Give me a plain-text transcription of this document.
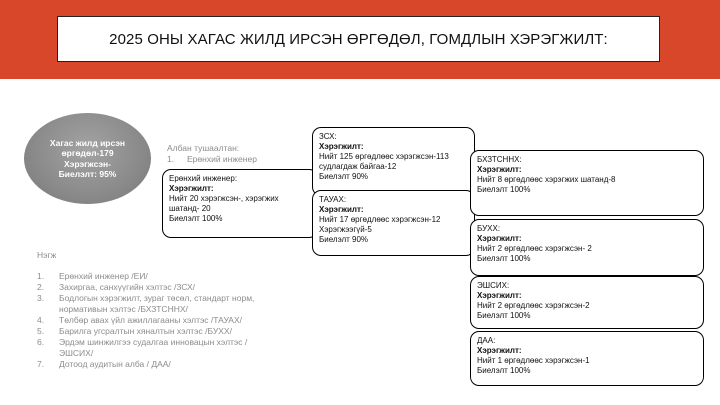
2025 ОНЫ ХАГАС ЖИЛД ИРСЭН ӨРГӨДӨЛ, ГОМДЛЫН ХЭРЭГЖИЛТ:
Хагас жилд ирсэн
өргөдөл-179
Хэрэгжсэн-
Биелэлт: 95%
Албан тушаалтан:
1. Ерөнхий инженер
Нэгж
1.	Ерөнхий инженер /ЕИ/
2.	Захиргаа, санхүүгийн хэлтэс /ЗСХ/
3.	Бодлогын хэрэгжилт, зураг төсөл, стандарт норм, нормативын хэлтэс /БХЗТСННХ/
4.	Төлбөр авах үйл ажиллагааны хэлтэс /ТАУАХ/
5.	Барилга угсралтын хяналтын хэлтэс /БУХХ/
6.	Эрдэм шинжилгээ судалгаа инновацын хэлтэс /ЭШСИХ/
7.	Дотоод аудитын алба / ДАА/
Ерөнхий инженер:
Хэрэгжилт:
Нийт 20 хэрэгжсэн-, хэрэгжих шатанд- 20
Биелэлт 100%
ЗСХ:
Хэрэгжилт:
Нийт 125 өргөдлөөс хэрэгжсэн-113 судлагдаж байгаа-12
Биелэлт 90%
ТАУАХ:
Хэрэгжилт:
Нийт 17 өргөдлөөс хэрэгжсэн-12 Хэрэгжээгүй-5
Биелэлт 90%
БХЗТСННХ:
Хэрэгжилт:
Нийт 8 өргөдлөөс хэрэгжих шатанд-8
Биелэлт 100%
БУХХ:
Хэрэгжилт:
Нийт 2 өргөдлөөс хэрэгжсэн- 2
Биелэлт 100%
ЭШСИХ:
Хэрэгжилт:
Нийт 2 өргөдлөөс хэрэгжсэн-2
Биелэлт 100%
ДАА:
Хэрэгжилт:
Нийт 1 өргөдлөөс хэрэгжсэн-1
Биелэлт 100%
